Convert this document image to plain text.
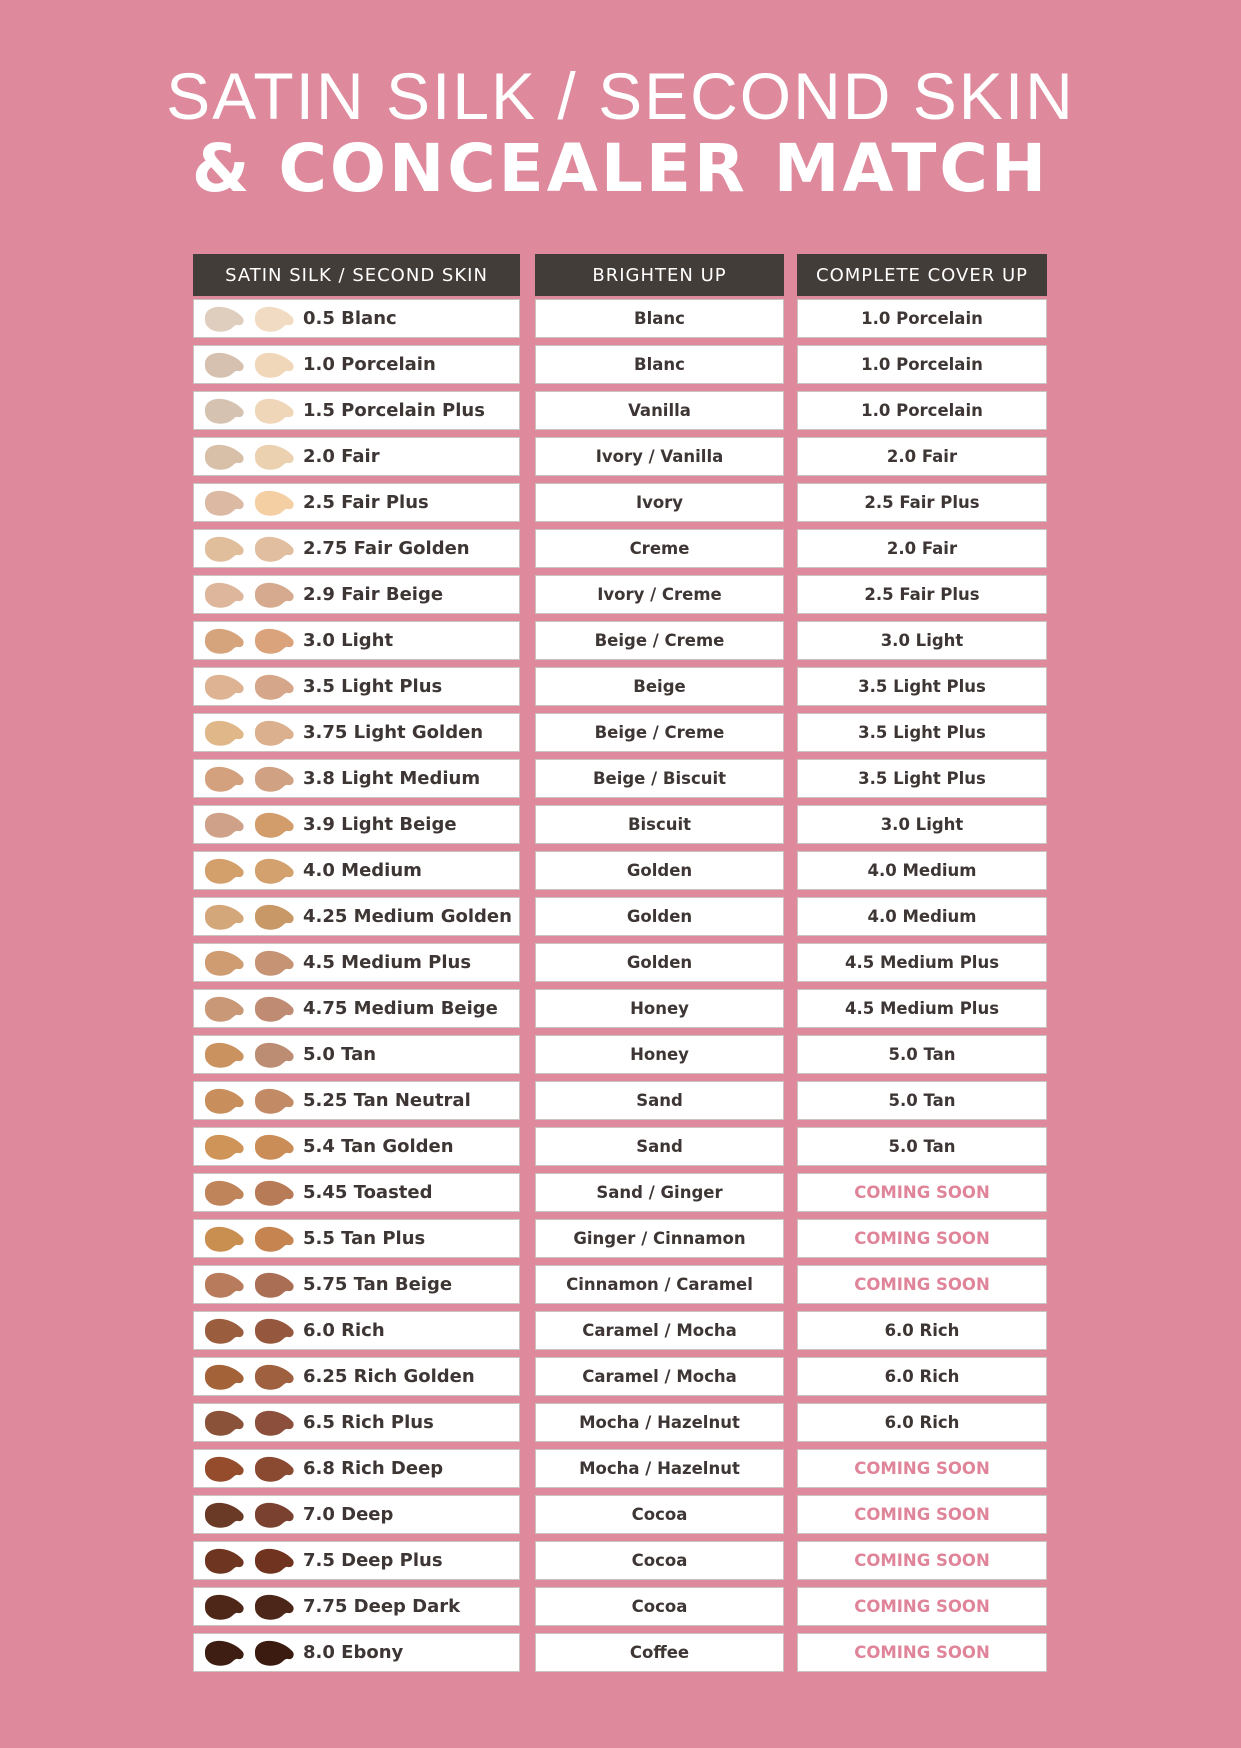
SATIN SILK / SECOND SKIN
& CONCEALER MATCH
SATIN SILK / SECOND SKIN
0.5 Blanc
1.0 Porcelain
1.5 Porcelain Plus
2.0 Fair
2.5 Fair Plus
2.75 Fair Golden
2.9 Fair Beige
3.0 Light
3.5 Light Plus
3.75 Light Golden
3.8 Light Medium
3.9 Light Beige
4.0 Medium
4.25 Medium Golden
4.5 Medium Plus
4.75 Medium Beige
5.0 Tan
5.25 Tan Neutral
5.4 Tan Golden
5.45 Toasted
5.5 Tan Plus
5.75 Tan Beige
6.0 Rich
6.25 Rich Golden
6.5 Rich Plus
6.8 Rich Deep
7.0 Deep
7.5 Deep Plus
7.75 Deep Dark
8.0 Ebony
BRIGHTEN UP
Blanc
Blanc
Vanilla
Ivory / Vanilla
Ivory
Creme
Ivory / Creme
Beige / Creme
Beige
Beige / Creme
Beige / Biscuit
Biscuit
Golden
Golden
Golden
Honey
Honey
Sand
Sand
Sand / Ginger
Ginger / Cinnamon
Cinnamon / Caramel
Caramel / Mocha
Caramel / Mocha
Mocha / Hazelnut
Mocha / Hazelnut
Cocoa
Cocoa
Cocoa
Coffee
COMPLETE COVER UP
1.0 Porcelain
1.0 Porcelain
1.0 Porcelain
2.0 Fair
2.5 Fair Plus
2.0 Fair
2.5 Fair Plus
3.0 Light
3.5 Light Plus
3.5 Light Plus
3.5 Light Plus
3.0 Light
4.0 Medium
4.0 Medium
4.5 Medium Plus
4.5 Medium Plus
5.0 Tan
5.0 Tan
5.0 Tan
COMING SOON
COMING SOON
COMING SOON
6.0 Rich
6.0 Rich
6.0 Rich
COMING SOON
COMING SOON
COMING SOON
COMING SOON
COMING SOON
